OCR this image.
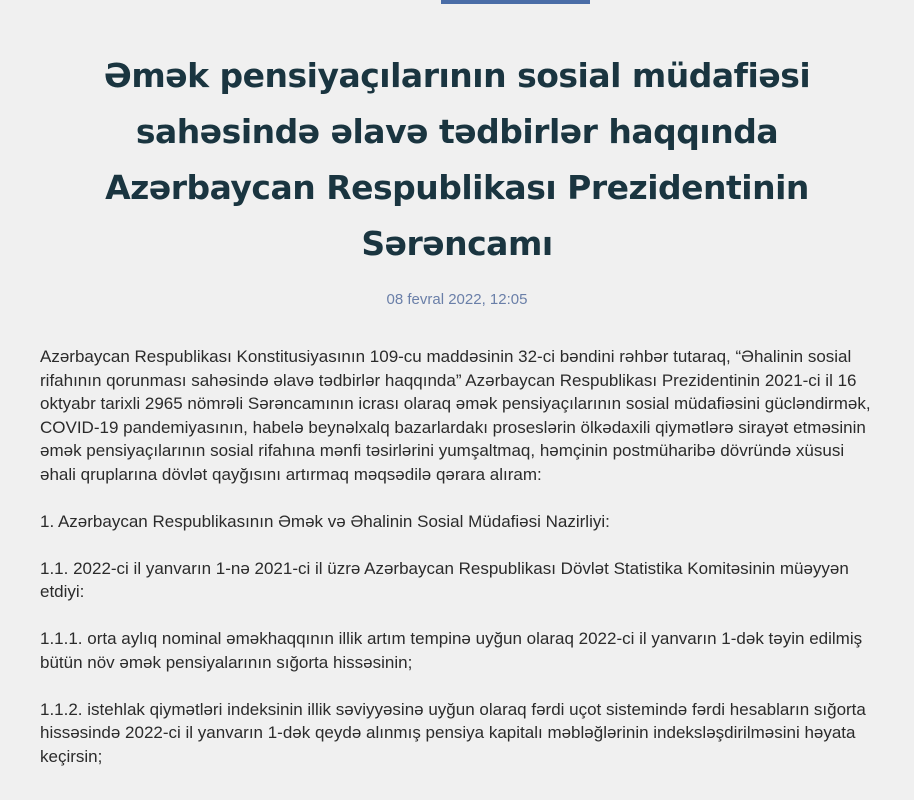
Əmək pensiyaçılarının sosial müdafiəsi sahəsində əlavə tədbirlər haqqında Azərbaycan Respublikası Prezidentinin Sərəncamı
08 fevral 2022, 12:05

Azərbaycan Respublikası Konstitusiyasının 109-cu maddəsinin 32-ci bəndini rəhbər tutaraq, “Əhalinin sosial rifahının qorunması sahəsində əlavə tədbirlər haqqında” Azərbaycan Respublikası Prezidentinin 2021-ci il 16 oktyabr tarixli 2965 nömrəli Sərəncamının icrası olaraq əmək pensiyaçılarının sosial müdafiəsini gücləndirmək, COVID-19 pandemiyasının, habelə beynəlxalq bazarlardakı proseslərin ölkədaxili qiymətlərə sirayət etməsinin əmək pensiyaçılarının sosial rifahına mənfi təsirlərini yumşaltmaq, həmçinin postmüharibə dövründə xüsusi əhali qruplarına dövlət qayğısını artırmaq məqsədilə qərara alıram:

1. Azərbaycan Respublikasının Əmək və Əhalinin Sosial Müdafiəsi Nazirliyi:

1.1. 2022-ci il yanvarın 1-nə 2021-ci il üzrə Azərbaycan Respublikası Dövlət Statistika Komitəsinin müəyyən etdiyi:

1.1.1. orta aylıq nominal əməkhaqqının illik artım tempinə uyğun olaraq 2022-ci il yanvarın 1-dək təyin edilmiş bütün növ əmək pensiyalarının sığorta hissəsinin;

1.1.2. istehlak qiymətləri indeksinin illik səviyyəsinə uyğun olaraq fərdi uçot sistemində fərdi hesabların sığorta hissəsində 2022-ci il yanvarın 1-dək qeydə alınmış pensiya kapitalı məbləğlərinin indeksləşdirilməsini həyata keçirsin;
